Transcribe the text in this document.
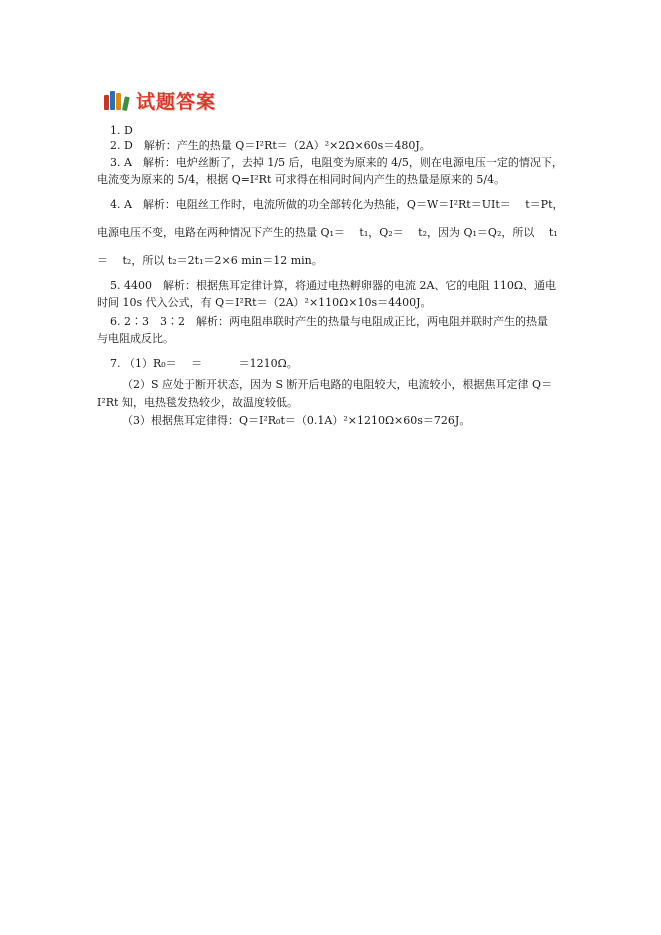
试题答案
1. D
2. D　解析：产生的热量 Q＝I²Rt＝（2A）²×2Ω×60s＝480J。
3. A　解析：电炉丝断了，去掉 1/5 后，电阻变为原来的 4/5，则在电源电压一定的情况下，
电流变为原来的 5/4，根据 Q=I²Rt 可求得在相同时间内产生的热量是原来的 5/4。
4. A　解析：电阻丝工作时，电流所做的功全部转化为热能，Q＝W＝I²Rt＝UIt＝　 t＝Pt，
电源电压不变，电路在两种情况下产生的热量 Q₁＝　 t₁，Q₂＝　 t₂，因为 Q₁＝Q₂，所以　 t₁
＝　 t₂，所以 t₂＝2t₁＝2×6 min＝12 min。
5. 4400　解析：根据焦耳定律计算，将通过电热孵卵器的电流 2A、它的电阻 110Ω、通电
时间 10s 代入公式，有 Q＝I²Rt＝（2A）²×110Ω×10s＝4400J。
6. 2∶3　3∶2　解析：两电阻串联时产生的热量与电阻成正比，两电阻并联时产生的热量
与电阻成反比。
7. （1）R₀＝　 ＝　　　 ＝1210Ω。
（2）S 应处于断开状态，因为 S 断开后电路的电阻较大，电流较小，根据焦耳定律 Q＝
I²Rt 知，电热毯发热较少，故温度较低。
（3）根据焦耳定律得：Q＝I²R₀t＝（0.1A）²×1210Ω×60s＝726J。
